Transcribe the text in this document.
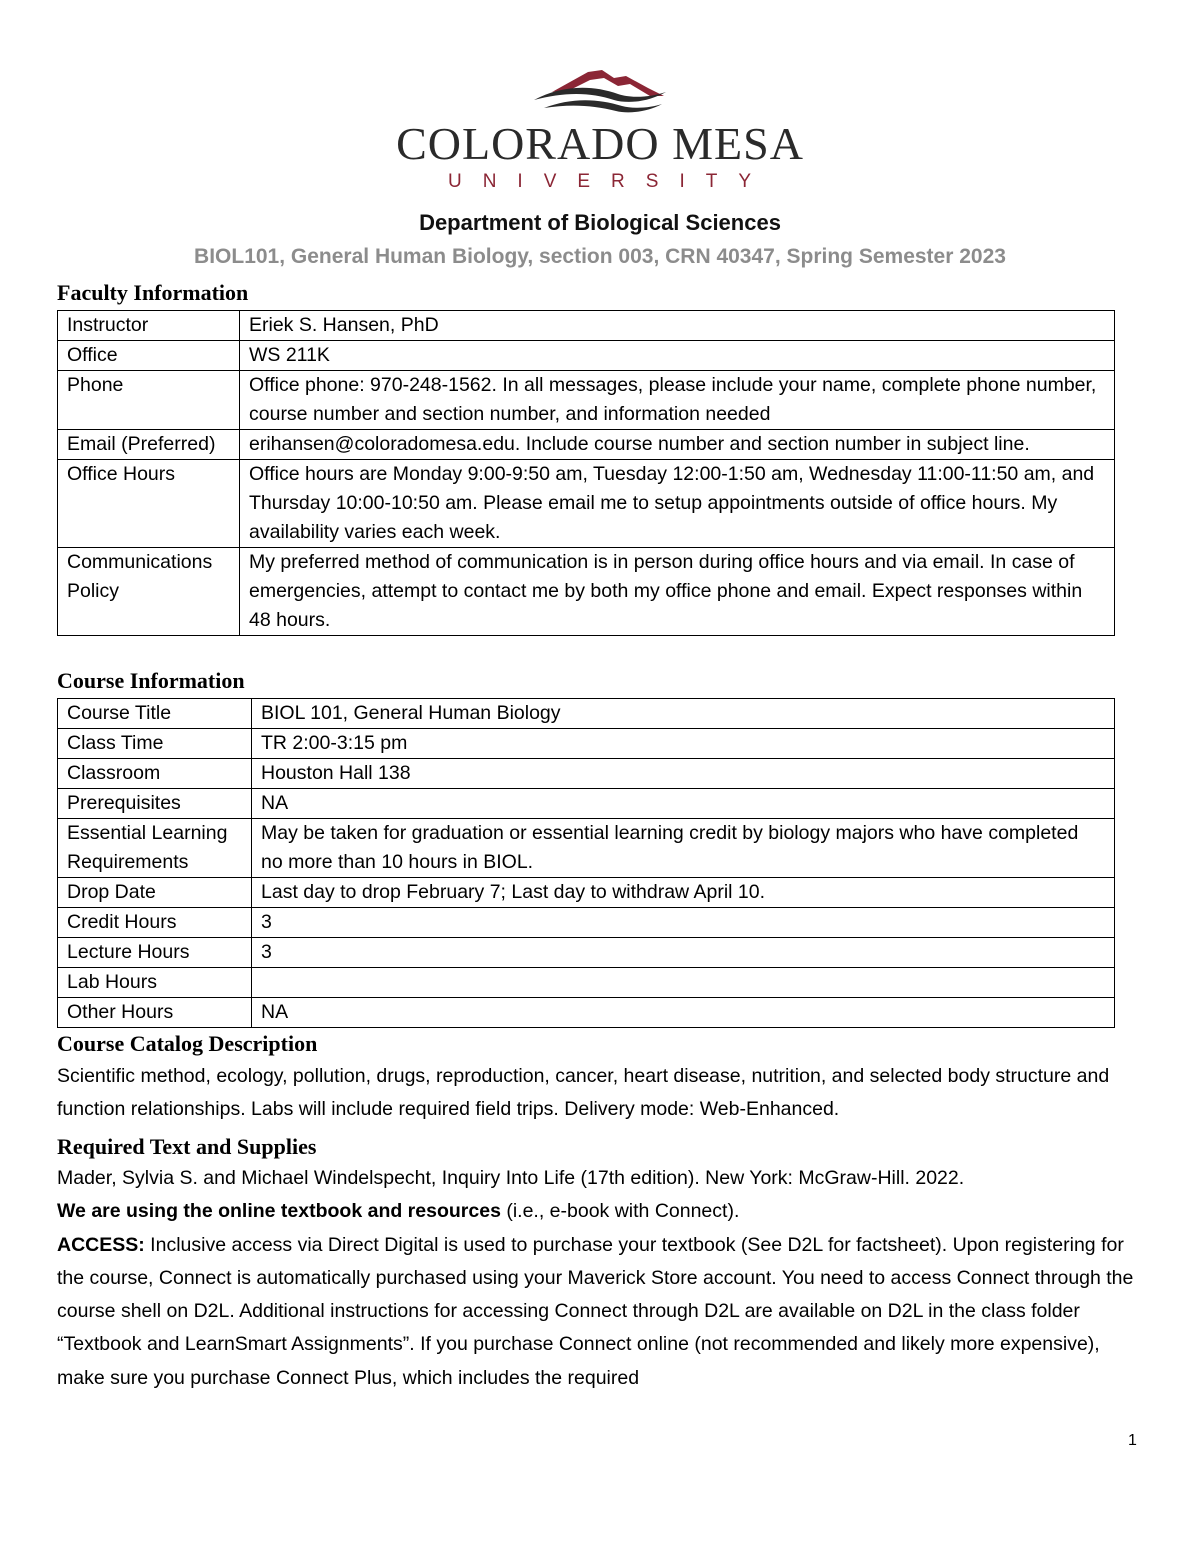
COLORADO MESA
UNIVERSITY
Department of Biological Sciences
BIOL101, General Human Biology, section 003, CRN 40347, Spring Semester 2023
Faculty Information
Instructor	Eriek S. Hansen, PhD
Office	WS 211K
Phone	Office phone: 970-248-1562. In all messages, please include your name, complete phone number, course number and section number, and information needed
Email (Preferred)	erihansen@coloradomesa.edu. Include course number and section number in subject line.
Office Hours	Office hours are Monday 9:00-9:50 am, Tuesday 12:00-1:50 am, Wednesday 11:00-11:50 am, and Thursday 10:00-10:50 am. Please email me to setup appointments outside of office hours. My availability varies each week.
Communications Policy	My preferred method of communication is in person during office hours and via email. In case of emergencies, attempt to contact me by both my office phone and email. Expect responses within 48 hours.
Course Information
Course Title	BIOL 101, General Human Biology
Class Time	TR 2:00-3:15 pm
Classroom	Houston Hall 138
Prerequisites	NA
Essential Learning Requirements	May be taken for graduation or essential learning credit by biology majors who have completed no more than 10 hours in BIOL.
Drop Date	Last day to drop February 7; Last day to withdraw April 10.
Credit Hours	3
Lecture Hours	3
Lab Hours	
Other Hours	NA
Course Catalog Description
Scientific method, ecology, pollution, drugs, reproduction, cancer, heart disease, nutrition, and selected body structure and function relationships. Labs will include required field trips. Delivery mode: Web-Enhanced.
Required Text and Supplies

Mader, Sylvia S. and Michael Windelspecht, Inquiry Into Life (17th edition). New York: McGraw-Hill. 2022.

We are using the online textbook and resources (i.e., e-book with Connect).

ACCESS: Inclusive access via Direct Digital is used to purchase your textbook (See D2L for factsheet). Upon registering for the course, Connect is automatically purchased using your Maverick Store account. You need to access Connect through the course shell on D2L. Additional instructions for accessing Connect through D2L are available on D2L in the class folder “Textbook and LearnSmart Assignments”. If you purchase Connect online (not recommended and likely more expensive), make sure you purchase Connect Plus, which includes the required

1
